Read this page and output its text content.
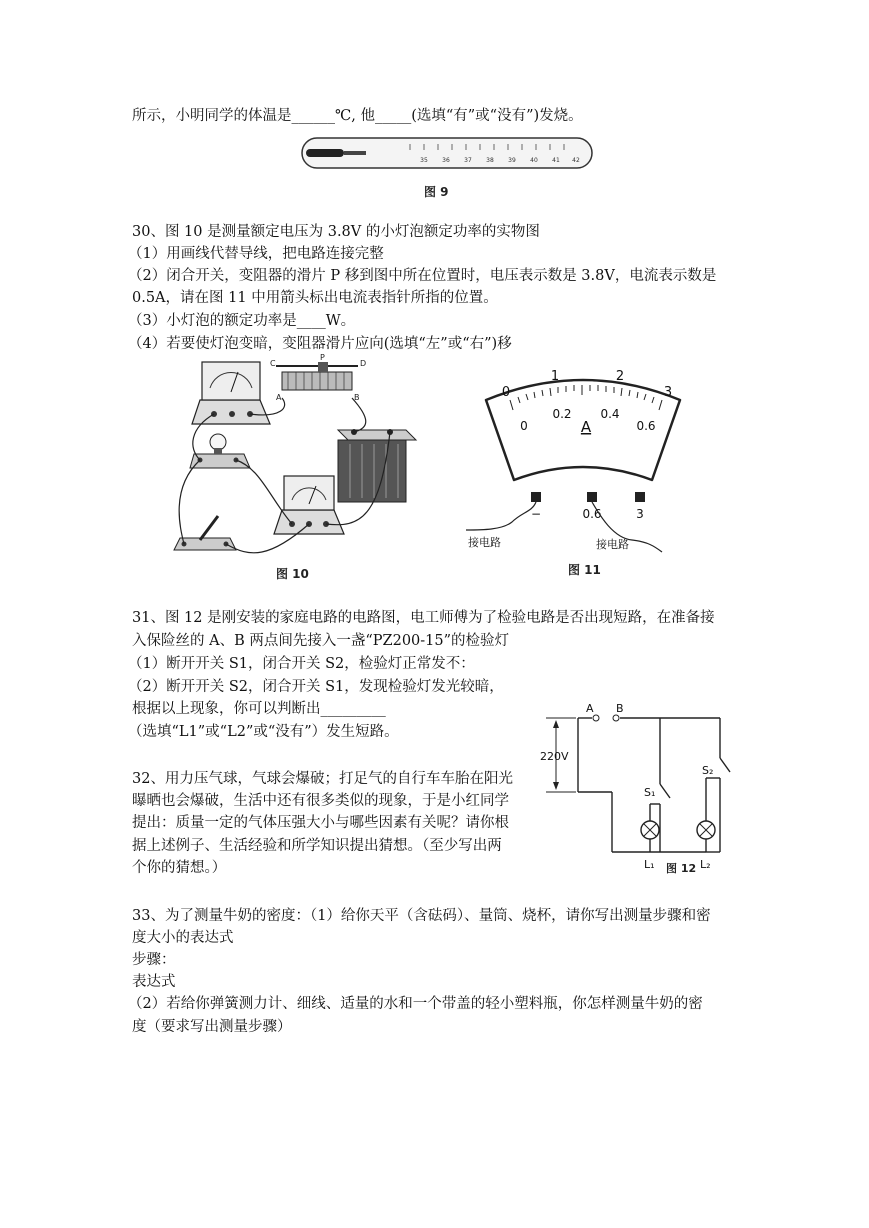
所示，小明同学的体温是______℃, 他_____(选填“有”或“没有”)发烧。
35 36 37 38 39 40 41 42
图 9
30、图 10 是测量额定电压为 3.8V 的小灯泡额定功率的实物图
（1）用画线代替导线，把电路连接完整
（2）闭合开关，变阻器的滑片 P 移到图中所在位置时，电压表示数是 3.8V，电流表示数是
0.5A，请在图 11 中用箭头标出电流表指针所指的位置。
（3）小灯泡的额定功率是____W。
（4）若要使灯泡变暗，变阻器滑片应向(选填“左”或“右”)移
C
P
D
A	B
图 10
0
1	2
3
0
0.2 0.4
0.6
A
−	0.6	3
接电路	接电路
图 11
31、图 12 是刚安装的家庭电路的电路图，电工师傅为了检验电路是否出现短路，在准备接
入保险丝的 A、B 两点间先接入一盏“PZ200-15”的检验灯
（1）断开开关 S1，闭合开关 S2，检验灯正常发不：
（2）断开开关 S2，闭合开关 S1，发现检验灯发光较暗，
根据以上现象，你可以判断出_________
（选填“L1”或“L2”或“没有”）发生短路。
A B
220V
S₁
S₂
L₁	L₂
图 12
32、用力压气球，气球会爆破；打足气的自行车车胎在阳光
曝晒也会爆破，生活中还有很多类似的现象，于是小红同学
提出：质量一定的气体压强大小与哪些因素有关呢？请你根
据上述例子、生活经验和所学知识提出猜想。（至少写出两
个你的猜想。）
33、为了测量牛奶的密度：（1）给你天平（含砝码）、量筒、烧杯，请你写出测量步骤和密
度大小的表达式
步骤：
表达式
（2）若给你弹簧测力计、细线、适量的水和一个带盖的轻小塑料瓶，你怎样测量牛奶的密
度（要求写出测量步骤）
